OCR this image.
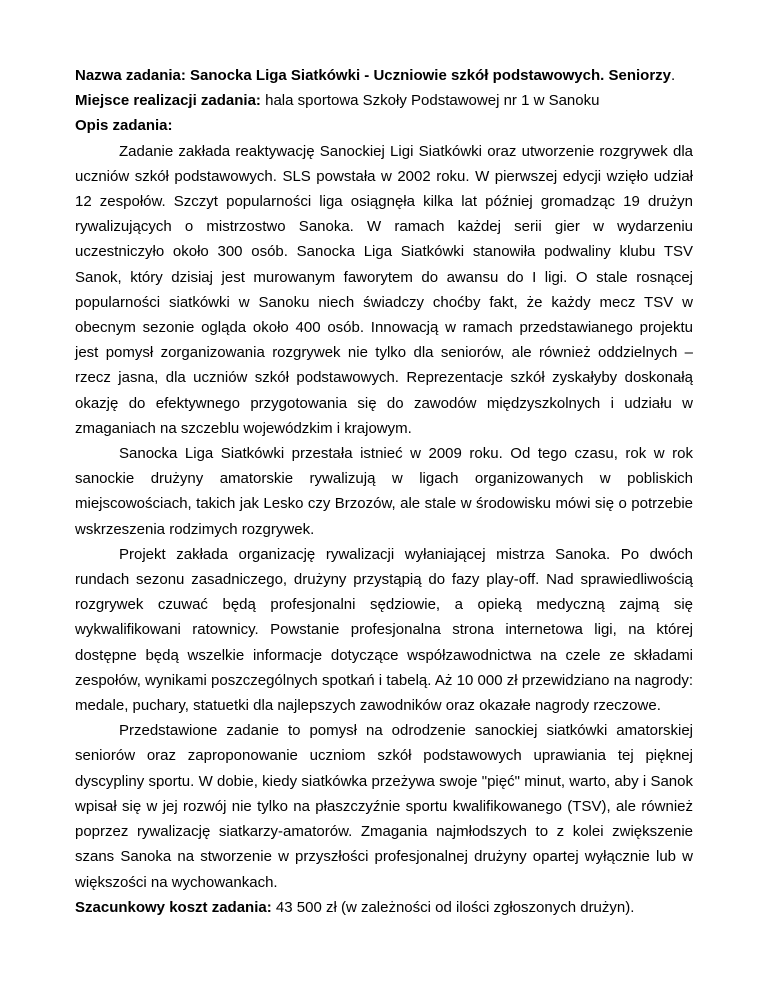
Nazwa zadania: Sanocka Liga Siatkówki - Uczniowie szkół podstawowych. Seniorzy.

Miejsce realizacji zadania: hala sportowa Szkoły Podstawowej nr 1 w Sanoku

Opis zadania:

Zadanie zakłada reaktywację Sanockiej Ligi Siatkówki oraz utworzenie rozgrywek dla uczniów szkół podstawowych. SLS powstała w 2002 roku. W pierwszej edycji wzięło udział 12 zespołów. Szczyt popularności liga osiągnęła kilka lat później gromadząc 19 drużyn rywalizujących o mistrzostwo Sanoka. W ramach każdej serii gier w wydarzeniu uczestniczyło około 300 osób. Sanocka Liga Siatkówki stanowiła podwaliny klubu TSV Sanok, który dzisiaj jest murowanym faworytem do awansu do I ligi. O stale rosnącej popularności siatkówki w Sanoku niech świadczy choćby fakt, że każdy mecz TSV w obecnym sezonie ogląda około 400 osób. Innowacją w ramach przedstawianego projektu jest pomysł zorganizowania rozgrywek nie tylko dla seniorów, ale również oddzielnych – rzecz jasna, dla uczniów szkół podstawowych. Reprezentacje szkół zyskałyby doskonałą okazję do efektywnego przygotowania się do zawodów międzyszkolnych i udziału w zmaganiach na szczeblu wojewódzkim i krajowym.

Sanocka Liga Siatkówki przestała istnieć w 2009 roku. Od tego czasu, rok w rok sanockie drużyny amatorskie rywalizują w ligach organizowanych w pobliskich miejscowościach, takich jak Lesko czy Brzozów, ale stale w środowisku mówi się o potrzebie wskrzeszenia rodzimych rozgrywek.

Projekt zakłada organizację rywalizacji wyłaniającej mistrza Sanoka. Po dwóch rundach sezonu zasadniczego, drużyny przystąpią do fazy play-off. Nad sprawiedliwością rozgrywek czuwać będą profesjonalni sędziowie, a opieką medyczną zajmą się wykwalifikowani ratownicy. Powstanie profesjonalna strona internetowa ligi, na której dostępne będą wszelkie informacje dotyczące współzawodnictwa na czele ze składami zespołów, wynikami poszczególnych spotkań i tabelą. Aż 10 000 zł przewidziano na nagrody: medale, puchary, statuetki dla najlepszych zawodników oraz okazałe nagrody rzeczowe.

Przedstawione zadanie to pomysł na odrodzenie sanockiej siatkówki amatorskiej seniorów oraz zaproponowanie uczniom szkół podstawowych uprawiania tej pięknej dyscypliny sportu. W dobie, kiedy siatkówka przeżywa swoje "pięć" minut, warto, aby i Sanok wpisał się w jej rozwój nie tylko na płaszczyźnie sportu kwalifikowanego (TSV), ale również poprzez rywalizację siatkarzy-amatorów. Zmagania najmłodszych to z kolei zwiększenie szans Sanoka na stworzenie w przyszłości profesjonalnej drużyny opartej wyłącznie lub w większości na wychowankach.

Szacunkowy koszt zadania: 43 500 zł (w zależności od ilości zgłoszonych drużyn).
